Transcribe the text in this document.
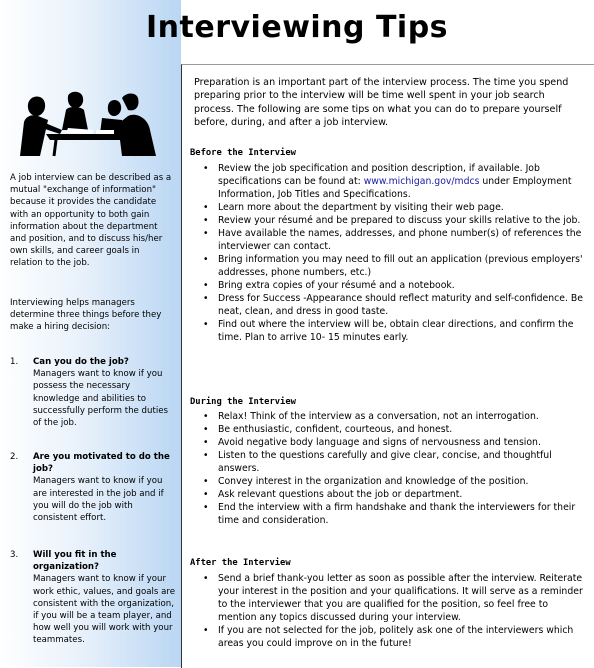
Interviewing Tips

A job interview can be described as a mutual "exchange of information" because it provides the candidate with an opportunity to both gain information about the department and position, and to discuss his/her own skills, and career goals in relation to the job.

Interviewing helps managers determine three things before they make a hiring decision:

1. Can you do the job?
Managers want to know if you possess the necessary knowledge and abilities to successfully perform the duties of the job.
2. Are you motivated to do the job?
Managers want to know if you are interested in the job and if you will do the job with consistent effort.
3. Will you fit in the organization?
Managers want to know if your work ethic, values, and goals are consistent with the organization, if you will be a team player, and how well you will work with your teammates.

Preparation is an important part of the interview process. The time you spend preparing prior to the interview will be time well spent in your job search process. The following are some tips on what you can do to prepare yourself before, during, and after a job interview.

Before the Interview
• Review the job specification and position description, if available. Job specifications can be found at: www.michigan.gov/mdcs under Employment Information, Job Titles and Specifications.
• Learn more about the department by visiting their web page.
• Review your résumé and be prepared to discuss your skills relative to the job.
• Have available the names, addresses, and phone number(s) of references the interviewer can contact.
• Bring information you may need to fill out an application (previous employers' addresses, phone numbers, etc.)
• Bring extra copies of your résumé and a notebook.
• Dress for Success -Appearance should reflect maturity and self-confidence. Be neat, clean, and dress in good taste.
• Find out where the interview will be, obtain clear directions, and confirm the time. Plan to arrive 10- 15 minutes early.
During the Interview
• Relax! Think of the interview as a conversation, not an interrogation.
• Be enthusiastic, confident, courteous, and honest.
• Avoid negative body language and signs of nervousness and tension.
• Listen to the questions carefully and give clear, concise, and thoughtful answers.
• Convey interest in the organization and knowledge of the position.
• Ask relevant questions about the job or department.
• End the interview with a firm handshake and thank the interviewers for their time and consideration.
After the Interview
• Send a brief thank-you letter as soon as possible after the interview. Reiterate your interest in the position and your qualifications. It will serve as a reminder to the interviewer that you are qualified for the position, so feel free to mention any topics discussed during your interview.
• If you are not selected for the job, politely ask one of the interviewers which areas you could improve on in the future!
